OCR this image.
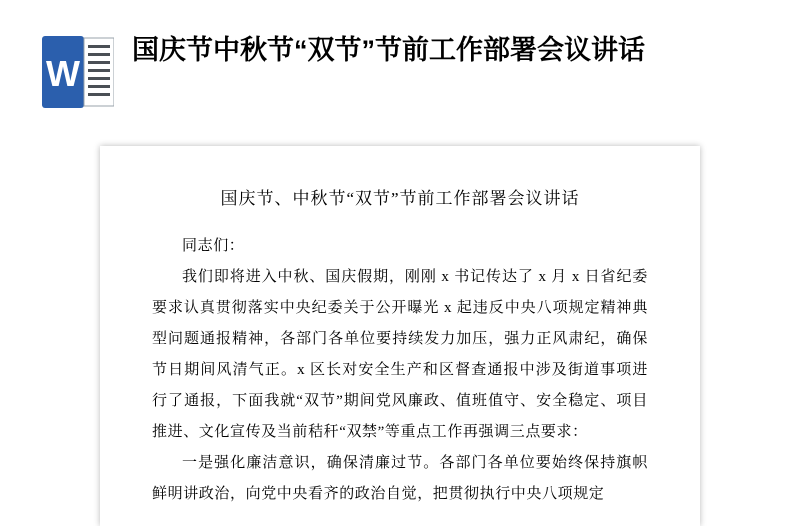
W
国庆节中秋节“双节”节前工作部署会议讲话
国庆节、中秋节“双节”节前工作部署会议讲话

同志们：

我们即将进入中秋、国庆假期，刚刚 x 书记传达了 x 月 x 日省纪委要求认真贯彻落实中央纪委关于公开曝光 x 起违反中央八项规定精神典型问题通报精神，各部门各单位要持续发力加压，强力正风肃纪，确保节日期间风清气正。x 区长对安全生产和区督查通报中涉及街道事项进行了通报，下面我就“双节”期间党风廉政、值班值守、安全稳定、项目推进、文化宣传及当前秸秆“双禁”等重点工作再强调三点要求：

一是强化廉洁意识，确保清廉过节。各部门各单位要始终保持旗帜鲜明讲政治，向党中央看齐的政治自觉，把贯彻执行中央八项规定
